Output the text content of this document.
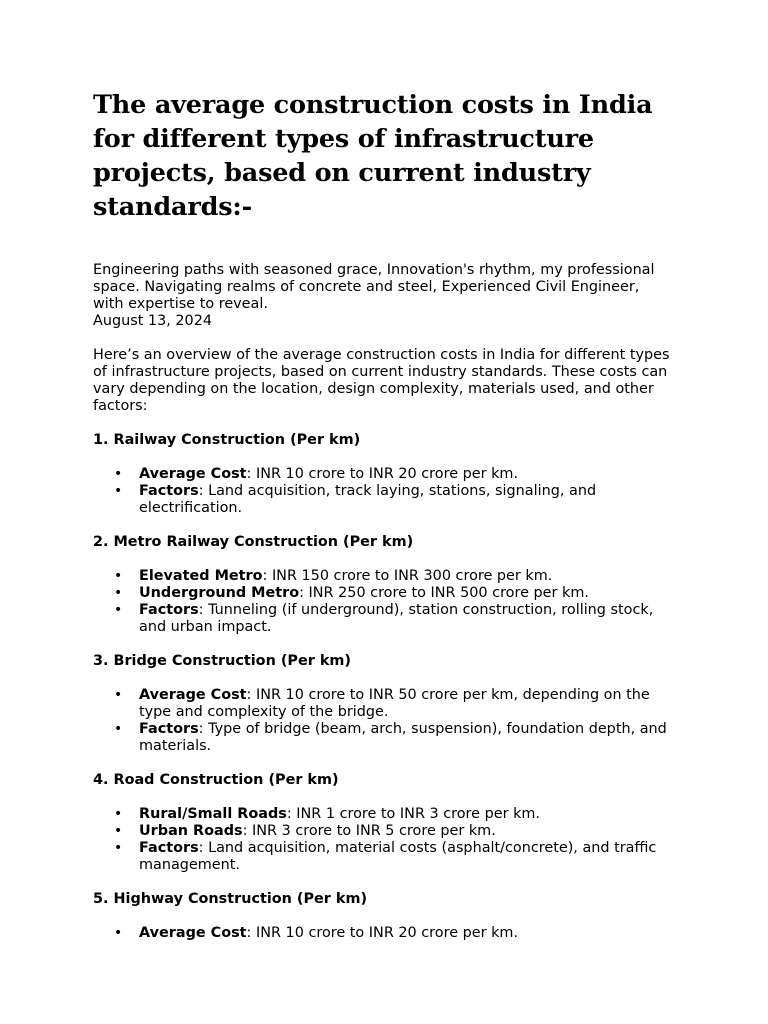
The average construction costs in India for different types of infrastructure projects, based on current industry standards:-
Engineering paths with seasoned grace, Innovation's rhythm, my professional space. Navigating realms of concrete and steel, Experienced Civil Engineer, with expertise to reveal.
August 13, 2024
Here’s an overview of the average construction costs in India for different types of infrastructure projects, based on current industry standards. These costs can vary depending on the location, design complexity, materials used, and other factors:
1. Railway Construction (Per km)
• Average Cost: INR 10 crore to INR 20 crore per km.
• Factors: Land acquisition, track laying, stations, signaling, and electrification.
2. Metro Railway Construction (Per km)
• Elevated Metro: INR 150 crore to INR 300 crore per km.
• Underground Metro: INR 250 crore to INR 500 crore per km.
• Factors: Tunneling (if underground), station construction, rolling stock, and urban impact.
3. Bridge Construction (Per km)
• Average Cost: INR 10 crore to INR 50 crore per km, depending on the type and complexity of the bridge.
• Factors: Type of bridge (beam, arch, suspension), foundation depth, and materials.
4. Road Construction (Per km)
• Rural/Small Roads: INR 1 crore to INR 3 crore per km.
• Urban Roads: INR 3 crore to INR 5 crore per km.
• Factors: Land acquisition, material costs (asphalt/concrete), and traffic management.
5. Highway Construction (Per km)
• Average Cost: INR 10 crore to INR 20 crore per km.
